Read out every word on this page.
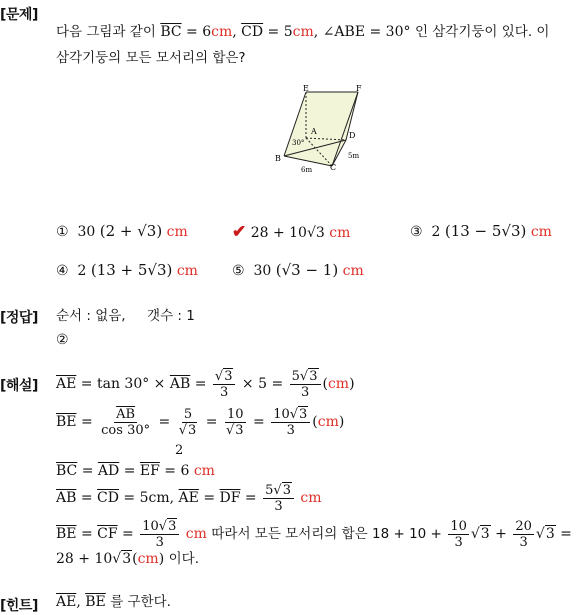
[문제]
다음 그림과 같이 $\overline{BC} = 6cm$, $\overline{CD} = 5cm$, ∠ABE = 30° 인 삼각기둥이 있다. 이
삼각기둥의 모든 모서리의 합은?
E	F
A	D
B
C
30°
5m
6m
① 30 (2 + √3) cm	✔ 28 + 10√3 cm	③ 2 (13 − 5√3) cm
④ 2 (13 + 5√3) cm ⑤ 30 (√3 − 1) cm
[정답] 순서 : 없음,     갯수 : 1
②
[해설] $\overline{AE} = \tan 30^\circ \times \overline{AB} = \frac{√3}{3} \times 5 = \frac{5√3}{3} (cm)$
$\overline{BE} = \frac{\overline{AB}}{\cos 30^\circ} = \frac{5}{√3} = \frac{10}{√3} = \frac{10√3}{3} (cm)$
2
$\overline{BC} = \overline{AD} = \overline{EF} = 6$ cm
$\overline{AB} = \overline{CD} = 5cm$, $\overline{AE} = \overline{DF} = \frac{5√3}{3}$ cm
$\overline{BE} = \overline{CF} = \frac{10√3}{3}$ cm 따라서 모든 모서리의 합은 $18 + 10 + \frac{10}{3} √3 + \frac{20}{3} √3$ =
28 + 10√3(cm) 이다.
[힌트] $\overline{AE}$, $\overline{BE}$ 를 구한다.
